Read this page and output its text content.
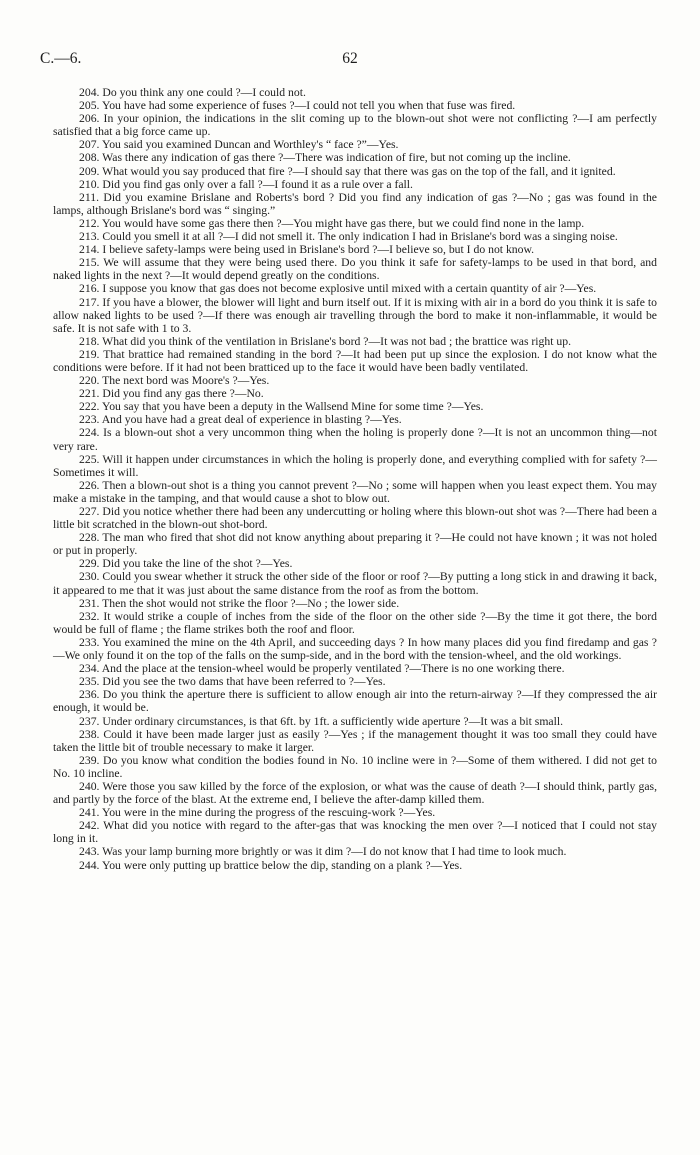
C.—6.	62

204. Do you think any one could ?—I could not.

205. You have had some experience of fuses ?—I could not tell you when that fuse was fired.

206. In your opinion, the indications in the slit coming up to the blown-out shot were not conflicting ?—I am perfectly satisfied that a big force came up.

207. You said you examined Duncan and Worthley's “ face ?”—Yes.

208. Was there any indication of gas there ?—There was indication of fire, but not coming up the incline.

209. What would you say produced that fire ?—I should say that there was gas on the top of the fall, and it ignited.

210. Did you find gas only over a fall ?—I found it as a rule over a fall.

211. Did you examine Brislane and Roberts's bord ? Did you find any indication of gas ?—No ; gas was found in the lamps, although Brislane's bord was “ singing.”

212. You would have some gas there then ?—You might have gas there, but we could find none in the lamp.

213. Could you smell it at all ?—I did not smell it. The only indication I had in Brislane's bord was a singing noise.

214. I believe safety-lamps were being used in Brislane's bord ?—I believe so, but I do not know.

215. We will assume that they were being used there. Do you think it safe for safety-lamps to be used in that bord, and naked lights in the next ?—It would depend greatly on the conditions.

216. I suppose you know that gas does not become explosive until mixed with a certain quantity of air ?—Yes.

217. If you have a blower, the blower will light and burn itself out. If it is mixing with air in a bord do you think it is safe to allow naked lights to be used ?—If there was enough air travelling through the bord to make it non-inflammable, it would be safe. It is not safe with 1 to 3.

218. What did you think of the ventilation in Brislane's bord ?—It was not bad ; the brattice was right up.

219. That brattice had remained standing in the bord ?—It had been put up since the explosion. I do not know what the conditions were before. If it had not been bratticed up to the face it would have been badly ventilated.

220. The next bord was Moore's ?—Yes.

221. Did you find any gas there ?—No.

222. You say that you have been a deputy in the Wallsend Mine for some time ?—Yes.

223. And you have had a great deal of experience in blasting ?—Yes.

224. Is a blown-out shot a very uncommon thing when the holing is properly done ?—It is not an uncommon thing—not very rare.

225. Will it happen under circumstances in which the holing is properly done, and everything complied with for safety ?—Sometimes it will.

226. Then a blown-out shot is a thing you cannot prevent ?—No ; some will happen when you least expect them. You may make a mistake in the tamping, and that would cause a shot to blow out.

227. Did you notice whether there had been any undercutting or holing where this blown-out shot was ?—There had been a little bit scratched in the blown-out shot-bord.

228. The man who fired that shot did not know anything about preparing it ?—He could not have known ; it was not holed or put in properly.

229. Did you take the line of the shot ?—Yes.

230. Could you swear whether it struck the other side of the floor or roof ?—By putting a long stick in and drawing it back, it appeared to me that it was just about the same distance from the roof as from the bottom.

231. Then the shot would not strike the floor ?—No ; the lower side.

232. It would strike a couple of inches from the side of the floor on the other side ?—By the time it got there, the bord would be full of flame ; the flame strikes both the roof and floor.

233. You examined the mine on the 4th April, and succeeding days ? In how many places did you find firedamp and gas ?—We only found it on the top of the falls on the sump-side, and in the bord with the tension-wheel, and the old workings.

234. And the place at the tension-wheel would be properly ventilated ?—There is no one working there.

235. Did you see the two dams that have been referred to ?—Yes.

236. Do you think the aperture there is sufficient to allow enough air into the return-airway ?—If they compressed the air enough, it would be.

237. Under ordinary circumstances, is that 6ft. by 1ft. a sufficiently wide aperture ?—It was a bit small.

238. Could it have been made larger just as easily ?—Yes ; if the management thought it was too small they could have taken the little bit of trouble necessary to make it larger.

239. Do you know what condition the bodies found in No. 10 incline were in ?—Some of them withered. I did not get to No. 10 incline.

240. Were those you saw killed by the force of the explosion, or what was the cause of death ?—I should think, partly gas, and partly by the force of the blast. At the extreme end, I believe the after-damp killed them.

241. You were in the mine during the progress of the rescuing-work ?—Yes.

242. What did you notice with regard to the after-gas that was knocking the men over ?—I noticed that I could not stay long in it.

243. Was your lamp burning more brightly or was it dim ?—I do not know that I had time to look much.

244. You were only putting up brattice below the dip, standing on a plank ?—Yes.
